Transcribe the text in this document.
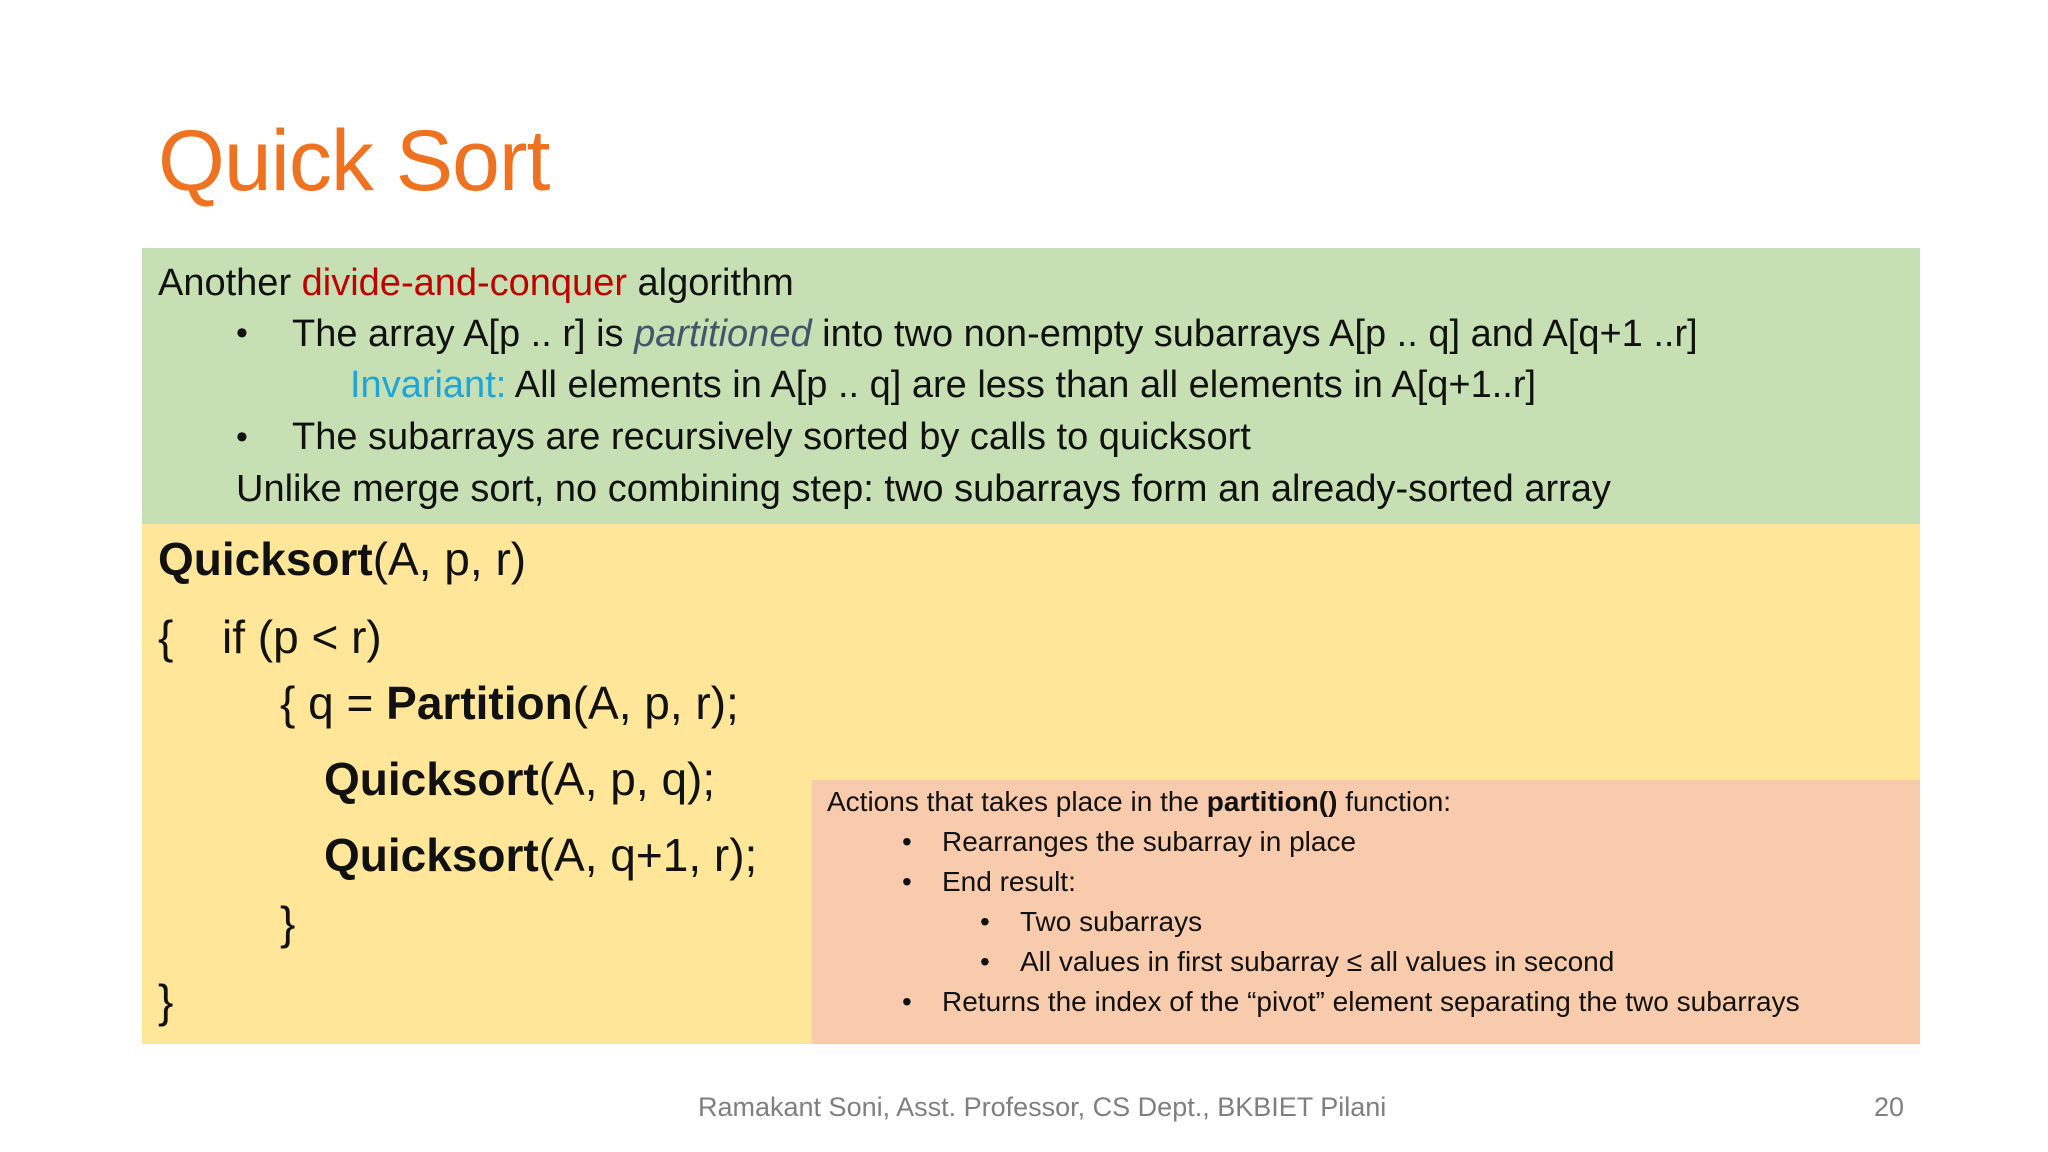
Quick Sort
Another divide-and-conquer algorithm
• The array A[p .. r] is partitioned into two non-empty subarrays A[p .. q] and A[q+1 ..r]
Invariant: All elements in A[p .. q] are less than all elements in A[q+1..r]
• The subarrays are recursively sorted by calls to quicksort
Unlike merge sort, no combining step: two subarrays form an already-sorted array
Quicksort(A, p, r)
{ if (p < r)
{ q = Partition(A, p, r);
Quicksort(A, p, q);
Quicksort(A, q+1, r);
}
}
Actions that takes place in the partition() function:
• Rearranges the subarray in place
• End result:
• Two subarrays
• All values in first subarray ≤ all values in second
• Returns the index of the “pivot” element separating the two subarrays
Ramakant Soni, Asst. Professor, CS Dept., BKBIET Pilani	20
